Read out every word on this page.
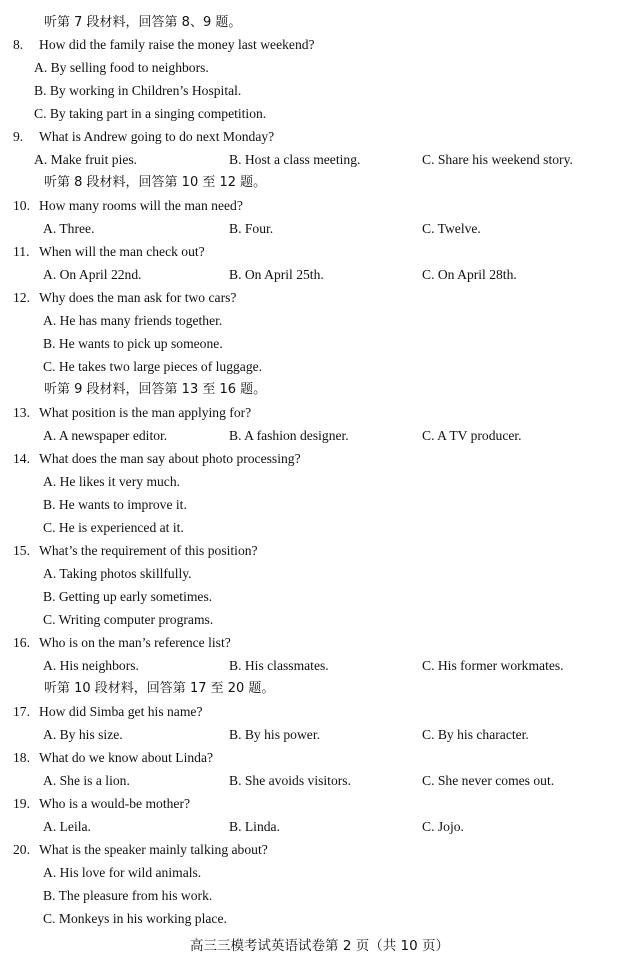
听第 7 段材料，回答第 8、9 题。
8. How did the family raise the money last weekend?
A. By selling food to neighbors.
B. By working in Children’s Hospital.
C. By taking part in a singing competition.
9. What is Andrew going to do next Monday?
A. Make fruit pies.	B. Host a class meeting.	C. Share his weekend story.
听第 8 段材料，回答第 10 至 12 题。
10. How many rooms will the man need?
A. Three.	B. Four.	C. Twelve.
11. When will the man check out?
A. On April 22nd.	B. On April 25th.	C. On April 28th.
12. Why does the man ask for two cars?
A. He has many friends together.
B. He wants to pick up someone.
C. He takes two large pieces of luggage.
听第 9 段材料，回答第 13 至 16 题。
13. What position is the man applying for?
A. A newspaper editor.	B. A fashion designer.	C. A TV producer.
14. What does the man say about photo processing?
A. He likes it very much.
B. He wants to improve it.
C. He is experienced at it.
15. What’s the requirement of this position?
A. Taking photos skillfully.
B. Getting up early sometimes.
C. Writing computer programs.
16. Who is on the man’s reference list?
A. His neighbors.	B. His classmates.	C. His former workmates.
听第 10 段材料，回答第 17 至 20 题。
17. How did Simba get his name?
A. By his size.	B. By his power.	C. By his character.
18. What do we know about Linda?
A. She is a lion.	B. She avoids visitors.	C. She never comes out.
19. Who is a would-be mother?
A. Leila.	B. Linda.	C. Jojo.
20. What is the speaker mainly talking about?
A. His love for wild animals.
B. The pleasure from his work.
C. Monkeys in his working place.
高三三模考试英语试卷第 2 页（共 10 页）
